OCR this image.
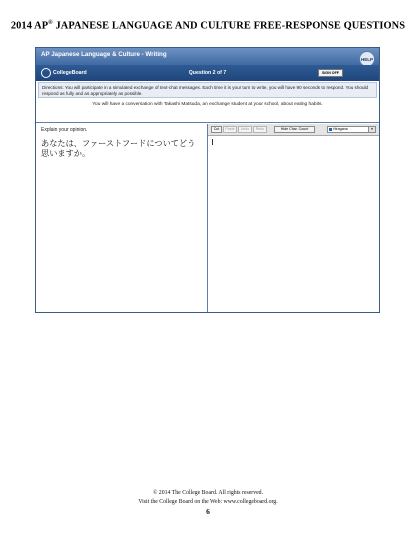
2014 AP® JAPANESE LANGUAGE AND CULTURE FREE-RESPONSE QUESTIONS
AP Japanese Language & Culture - Writing
HELP
CollegeBoard	Question 2 of 7	SIGN OFF
Directions: You will participate in a simulated exchange of text-chat messages. Each time it is your turn to write, you will have 90 seconds to respond. You should respond as fully and as appropriately as possible.
You will have a conversation with Takashi Matsuda, an exchange student at your school, about eating habits.
Explain your opinion.
あなたは、ファーストフードについてどう思いますか。
Cut	Paste	Undo	Redo	Hide Char. Count	Hiragana	▼
© 2014 The College Board. All rights reserved.
Visit the College Board on the Web: www.collegeboard.org.
6
